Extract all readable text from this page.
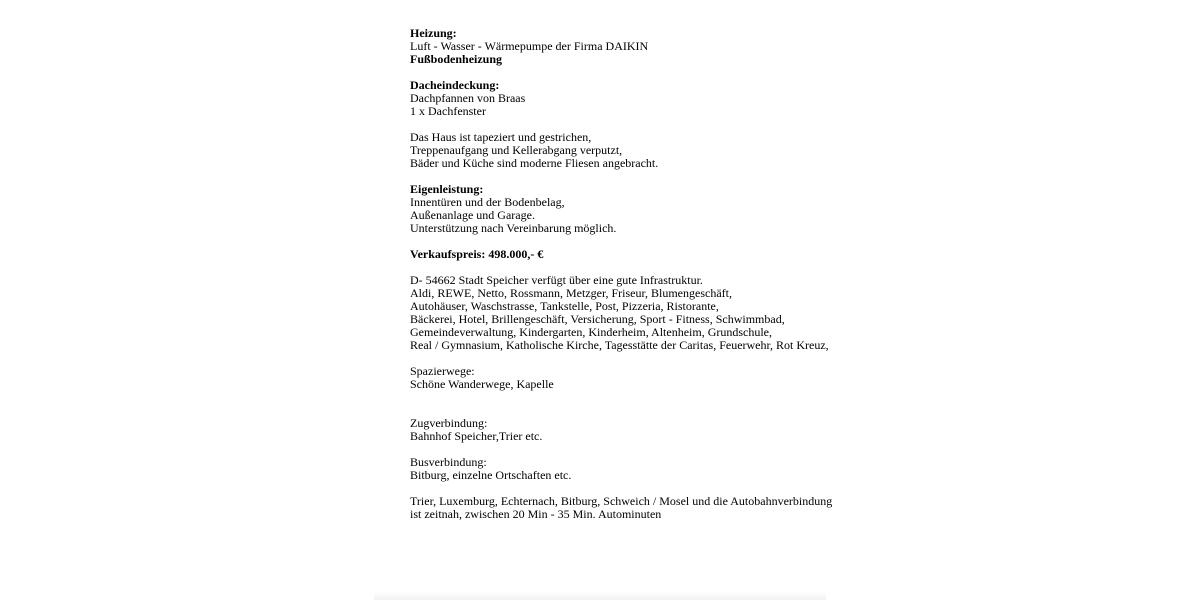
Heizung:
Luft - Wasser - Wärmepumpe der Firma DAIKIN
Fußbodenheizung
Dacheindeckung:
Dachpfannen von Braas
1 x Dachfenster
Das Haus ist tapeziert und gestrichen,
Treppenaufgang und Kellerabgang verputzt,
Bäder und Küche sind moderne Fliesen angebracht.
Eigenleistung:
Innentüren und der Bodenbelag,
Außenanlage und Garage.
Unterstützung nach Vereinbarung möglich.
Verkaufspreis: 498.000,- €
D- 54662 Stadt Speicher verfügt über eine gute Infrastruktur.
Aldi, REWE, Netto, Rossmann, Metzger, Friseur, Blumengeschäft,
Autohäuser, Waschstrasse, Tankstelle, Post, Pizzeria, Ristorante,
Bäckerei, Hotel, Brillengeschäft, Versicherung, Sport - Fitness, Schwimmbad,
Gemeindeverwaltung, Kindergarten, Kinderheim, Altenheim, Grundschule,
Real / Gymnasium, Katholische Kirche, Tagesstätte der Caritas, Feuerwehr, Rot Kreuz,
Spazierwege:
Schöne Wanderwege, Kapelle
Zugverbindung:
Bahnhof Speicher,Trier etc.
Busverbindung:
Bitburg, einzelne Ortschaften etc.
Trier, Luxemburg, Echternach, Bitburg, Schweich / Mosel und die Autobahnverbindung
ist zeitnah, zwischen 20 Min - 35 Min. Autominuten
